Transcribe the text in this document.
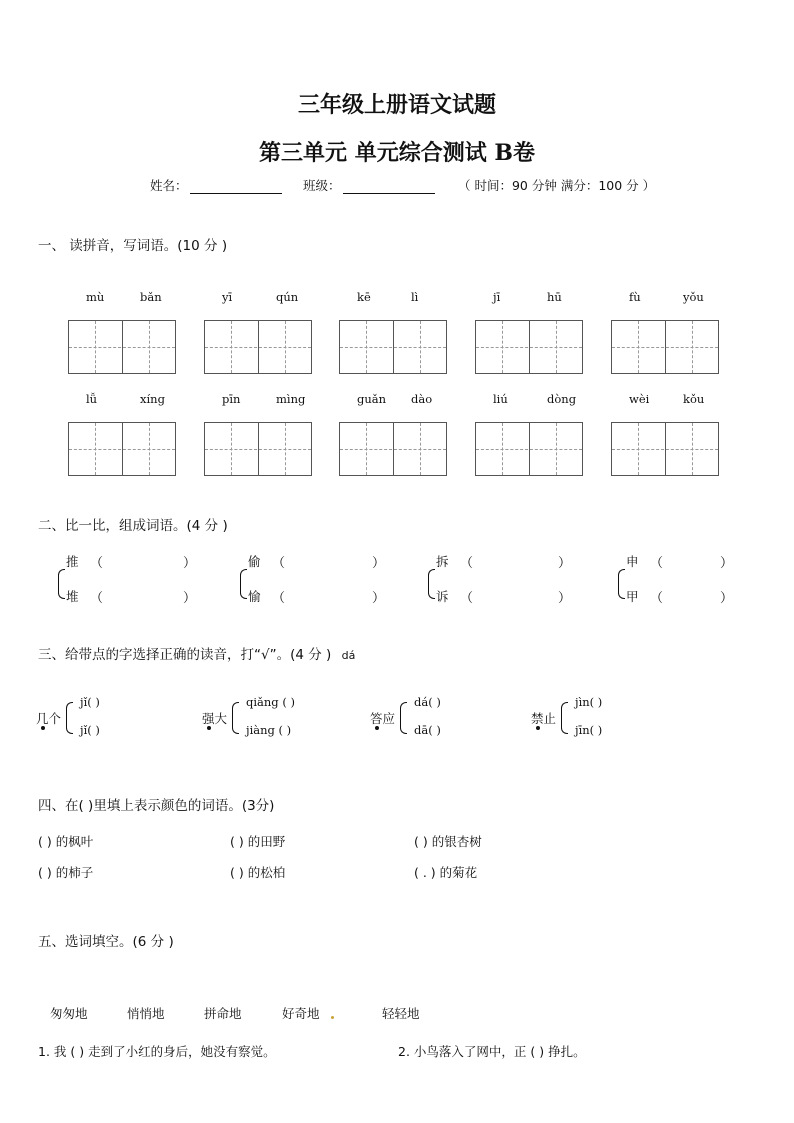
三年级上册语文试题
第三单元 单元综合测试 B卷
姓名：	班级：	（ 时间：90 分钟 满分：100 分 ）
一、 读拼音，写词语。(10 分 )
mù	bǎn	yī	qún	kē	lì	jī	hū	fù	yǒu
lǚ	xíng	pīn	mìng	guǎn dào	liú	dòng	wèi	kǒu
二、比一比，组成词语。(4 分 )
推 （	）
堆 （	）
偷 （	）
愉 （	）
拆 （	）
诉 （	）
申 （	）
甲 （	）
三、给带点的字选择正确的读音，打“√”。(4 分 ) dá
几个
jǐ( )
jǐ( )
强大
qiǎng ( )
jiàng ( )
答应
dá( )
dā( )
禁止
jìn( )
jīn( )
四、在( )里填上表示颜色的词语。(3分)
( ) 的枫叶	( ) 的田野	( ) 的银杏树
( ) 的柿子	( ) 的松柏	( . ) 的菊花
五、选词填空。(6 分 )
匆匆地	悄悄地	拼命地	好奇地	轻轻地
1. 我 ( ) 走到了小红的身后，她没有察觉。	2. 小鸟落入了网中，正 ( ) 挣扎。
